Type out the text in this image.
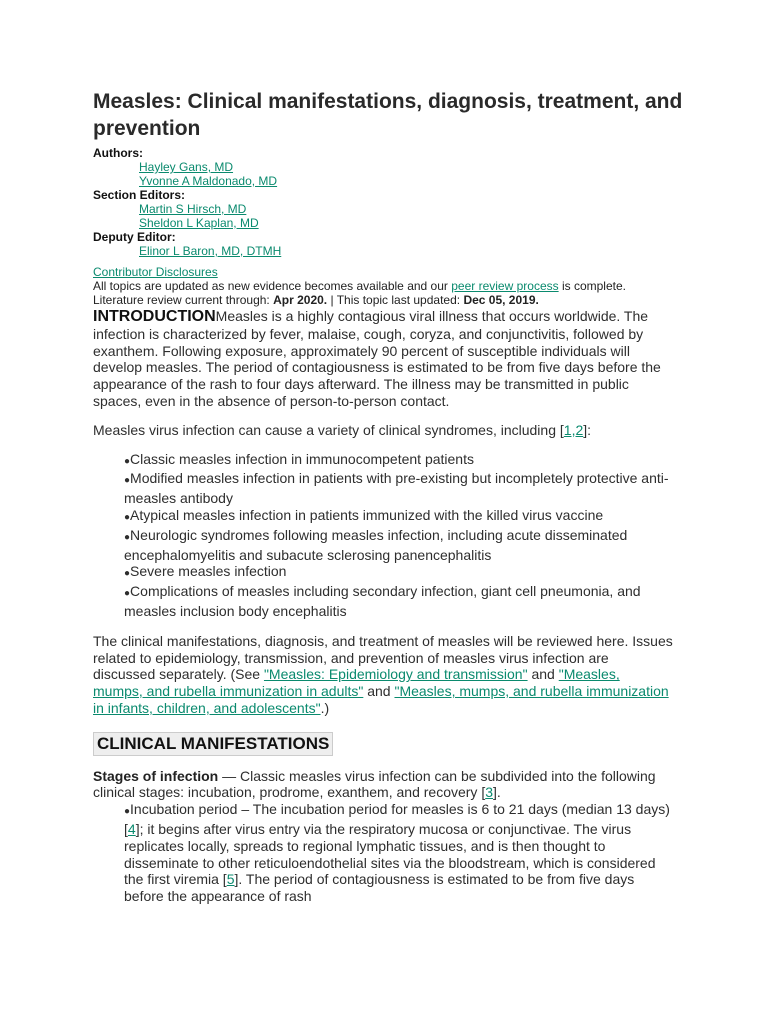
Measles: Clinical manifestations, diagnosis, treatment, and prevention
Authors:
Hayley Gans, MD
Yvonne A Maldonado, MD
Section Editors:
Martin S Hirsch, MD
Sheldon L Kaplan, MD
Deputy Editor:
Elinor L Baron, MD, DTMH
Contributor Disclosures
All topics are updated as new evidence becomes available and our peer review process is complete.
Literature review current through: Apr 2020. | This topic last updated: Dec 05, 2019.

INTRODUCTIONMeasles is a highly contagious viral illness that occurs worldwide. The infection is characterized by fever, malaise, cough, coryza, and conjunctivitis, followed by exanthem. Following exposure, approximately 90 percent of susceptible individuals will develop measles. The period of contagiousness is estimated to be from five days before the appearance of the rash to four days afterward. The illness may be transmitted in public spaces, even in the absence of person-to-person contact.

Measles virus infection can cause a variety of clinical syndromes, including [1,2]:

●Classic measles infection in immunocompetent patients
●Modified measles infection in patients with pre-existing but incompletely protective anti-measles antibody
●Atypical measles infection in patients immunized with the killed virus vaccine
●Neurologic syndromes following measles infection, including acute disseminated encephalomyelitis and subacute sclerosing panencephalitis
●Severe measles infection
●Complications of measles including secondary infection, giant cell pneumonia, and measles inclusion body encephalitis

The clinical manifestations, diagnosis, and treatment of measles will be reviewed here. Issues related to epidemiology, transmission, and prevention of measles virus infection are discussed separately. (See "Measles: Epidemiology and transmission" and "Measles, mumps, and rubella immunization in adults" and "Measles, mumps, and rubella immunization in infants, children, and adolescents".)

CLINICAL MANIFESTATIONS

Stages of infection — Classic measles virus infection can be subdivided into the following clinical stages: incubation, prodrome, exanthem, and recovery [3].

●Incubation period – The incubation period for measles is 6 to 21 days (median 13 days) [4]; it begins after virus entry via the respiratory mucosa or conjunctivae. The virus replicates locally, spreads to regional lymphatic tissues, and is then thought to disseminate to other reticuloendothelial sites via the bloodstream, which is considered the first viremia [5]. The period of contagiousness is estimated to be from five days before the appearance of rash
